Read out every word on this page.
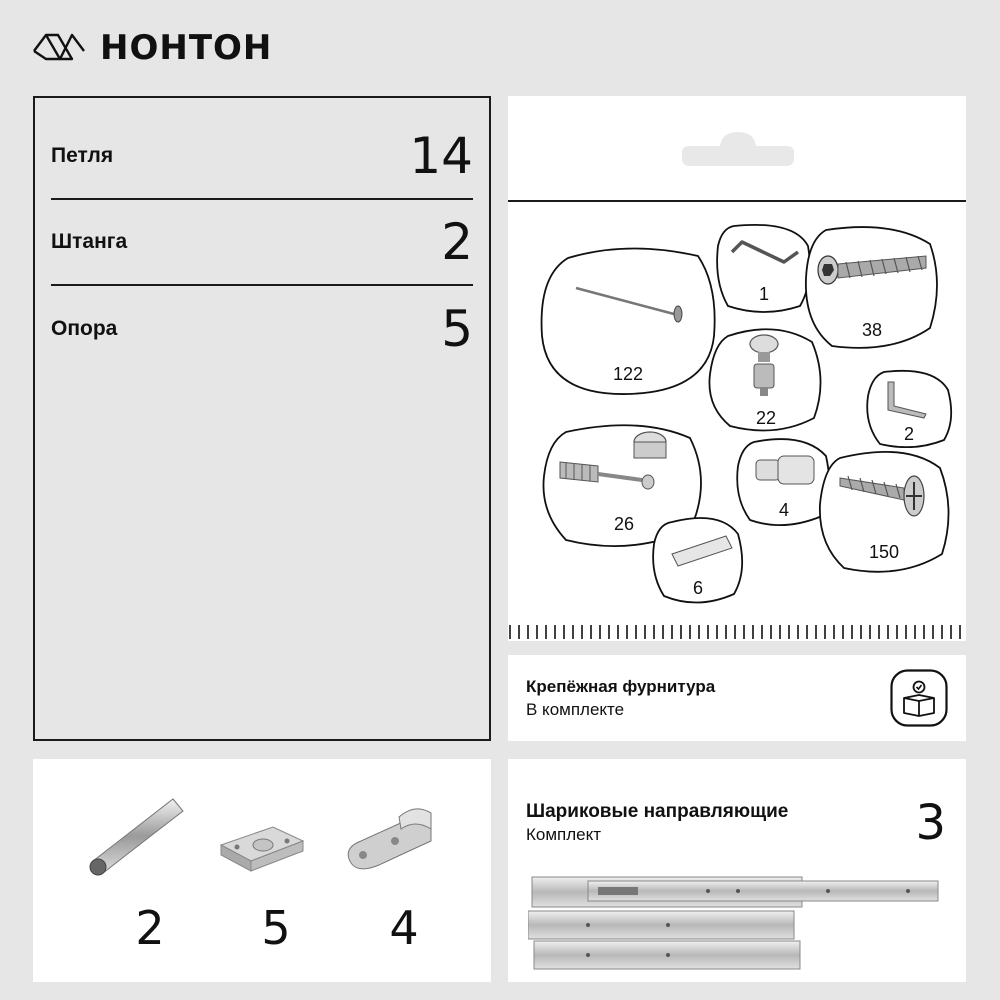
НОНТОН
Петля	14
Штанга	2
Опора	5
122
1
38
22
2
26
4
150
6
Крепёжная фурнитура
В комплекте
2	5	4
Шариковые направляющие
Комплект	3
